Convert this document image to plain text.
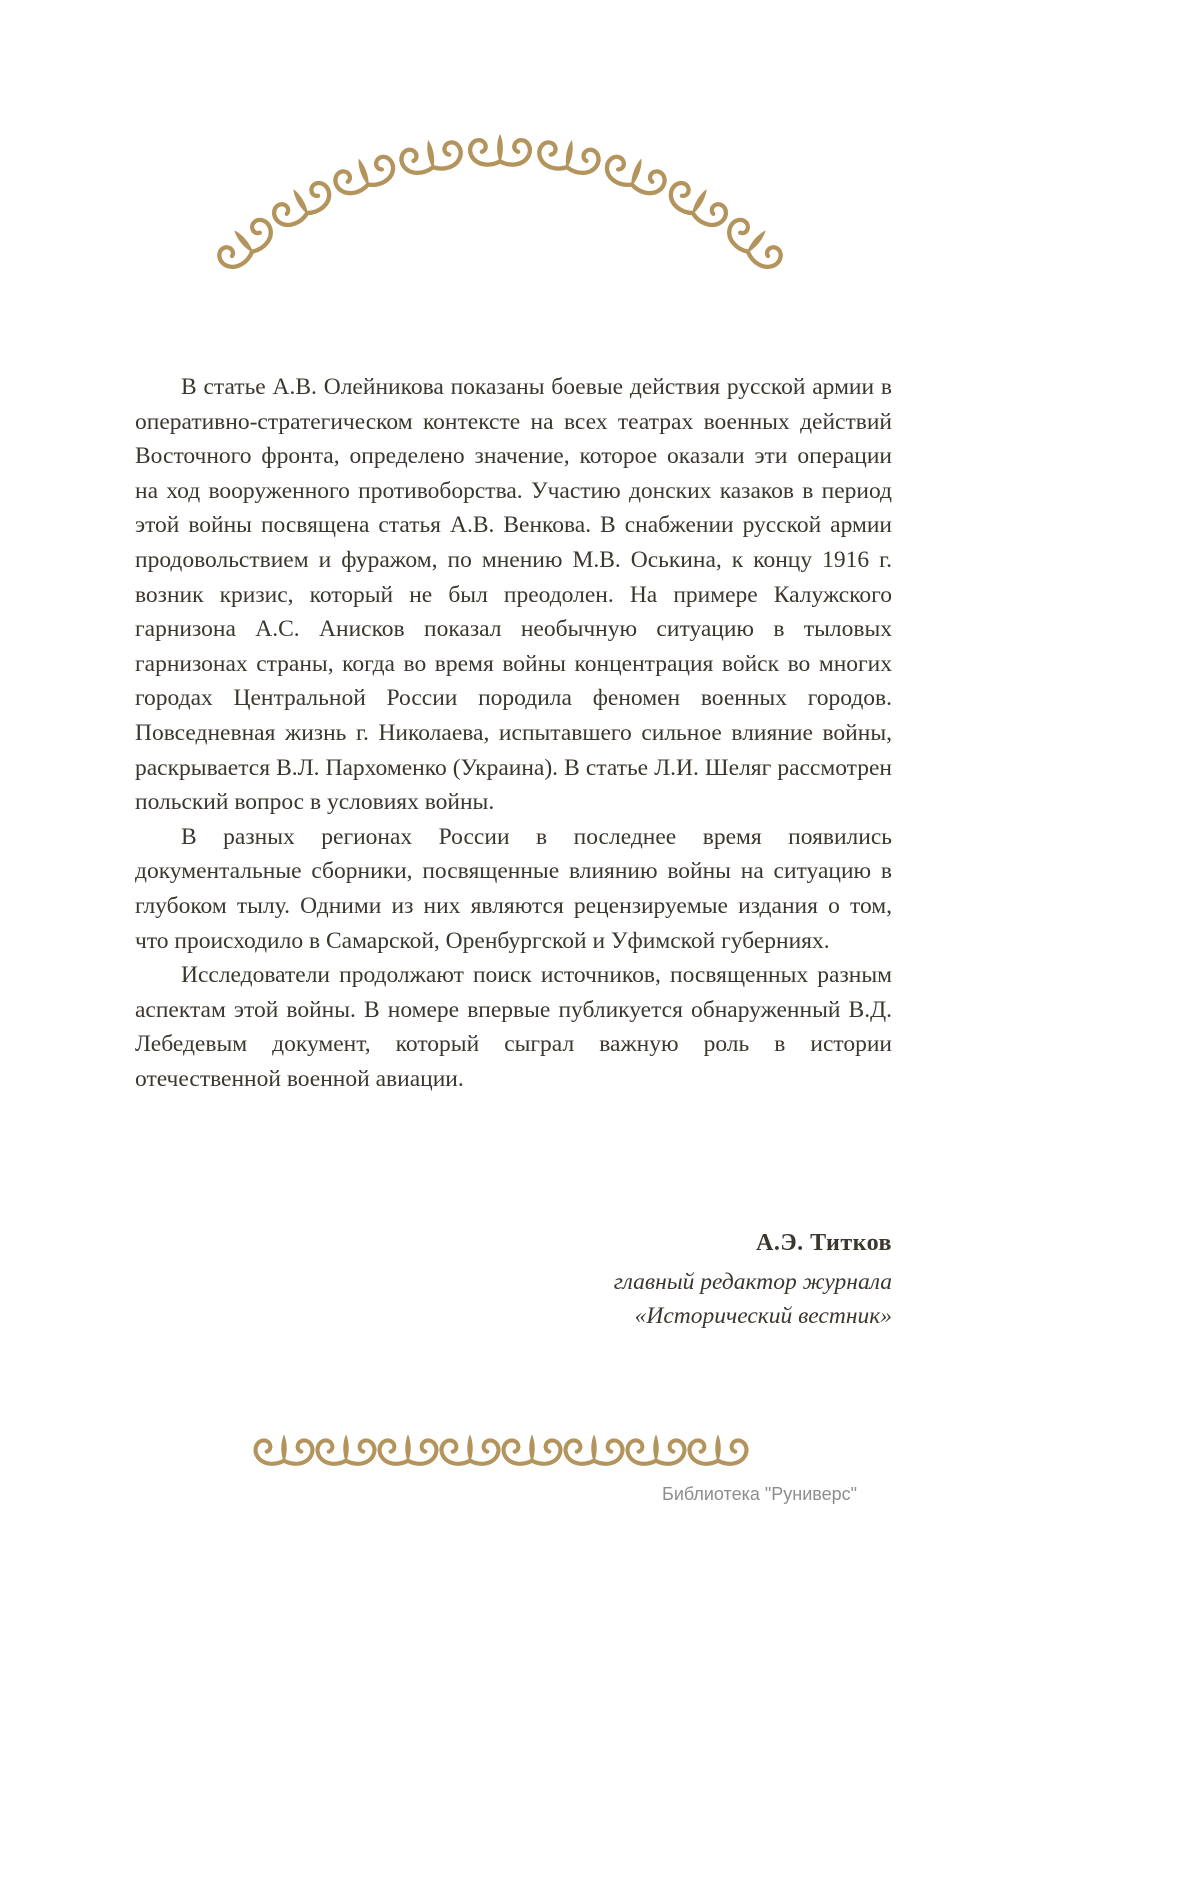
В статье А.В. Олейникова показаны боевые действия русской армии в оперативно-стратегическом контексте на всех театрах военных действий Восточного фронта, определено значение, которое оказали эти операции на ход вооруженного противоборства. Участию донских казаков в период этой войны посвящена статья А.В. Венкова. В снабжении русской армии продовольствием и фуражом, по мнению М.В. Оськина, к концу 1916 г. возник кризис, который не был преодолен. На примере Калужского гарнизона А.С. Анисков показал необычную ситуацию в тыловых гарнизонах страны, когда во время войны концентрация войск во многих городах Центральной России породила феномен военных городов. Повседневная жизнь г. Николаева, испытавшего сильное влияние войны, раскрывается В.Л. Пархоменко (Украина). В статье Л.И. Шеляг рассмотрен польский вопрос в условиях войны.

В разных регионах России в последнее время появились документальные сборники, посвященные влиянию войны на ситуацию в глубоком тылу. Одними из них являются рецензируемые издания о том, что происходило в Самарской, Оренбургской и Уфимской губерниях.

Исследователи продолжают поиск источников, посвященных разным аспектам этой войны. В номере впервые публикуется обнаруженный В.Д. Лебедевым документ, который сыграл важную роль в истории отечественной военной авиации.

А.Э. Титков
главный редактор журнала
«Исторический вестник»
Библиотека "Руниверс"
